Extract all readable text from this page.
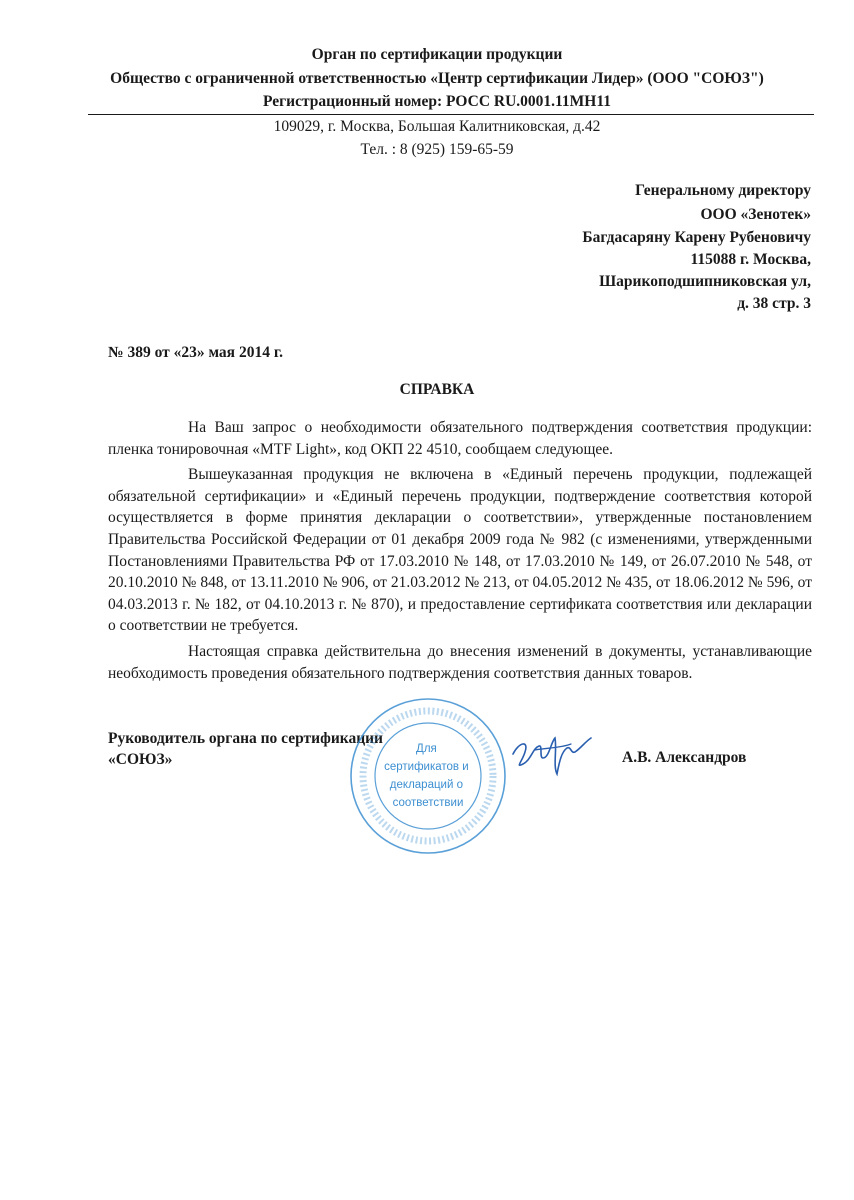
Орган по сертификации продукции
Общество с ограниченной ответственностью «Центр сертификации Лидер» (ООО "СОЮЗ")
Регистрационный номер: РОСС RU.0001.11МН11
109029, г. Москва, Большая Калитниковская, д.42
Тел. : 8 (925) 159-65-59
Генеральному директору
ООО «Зенотек»
Багдасаряну Карену Рубеновичу
115088 г. Москва,
Шарикоподшипниковская ул,
д. 38 стр. 3
№ 389 от «23» мая 2014 г.
СПРАВКА

На Ваш запрос о необходимости обязательного подтверждения соответствия продукции: пленка тонировочная «MTF Light», код ОКП 22 4510, сообщаем следующее.

Вышеуказанная продукция не включена в «Единый перечень продукции, подлежащей обязательной сертификации» и «Единый перечень продукции, подтверждение соответствия которой осуществляется в форме принятия декларации о соответствии», утвержденные постановлением Правительства Российской Федерации от 01 декабря 2009 года № 982 (с изменениями, утвержденными Постановлениями Правительства РФ от 17.03.2010 № 148, от 17.03.2010 № 149, от 26.07.2010 № 548, от 20.10.2010 № 848, от 13.11.2010 № 906, от 21.03.2012 № 213, от 04.05.2012 № 435, от 18.06.2012 № 596, от 04.03.2013 г. № 182, от 04.10.2013 г. № 870), и предоставление сертификата соответствия или декларации о соответствии не требуется.

Настоящая справка действительна до внесения изменений в документы, устанавливающие необходимость проведения обязательного подтверждения соответствия данных товаров.

Руководитель органа по сертификации
«СОЮЗ»	А.В. Александров
Для сертификатов и деклараций о соответствии
